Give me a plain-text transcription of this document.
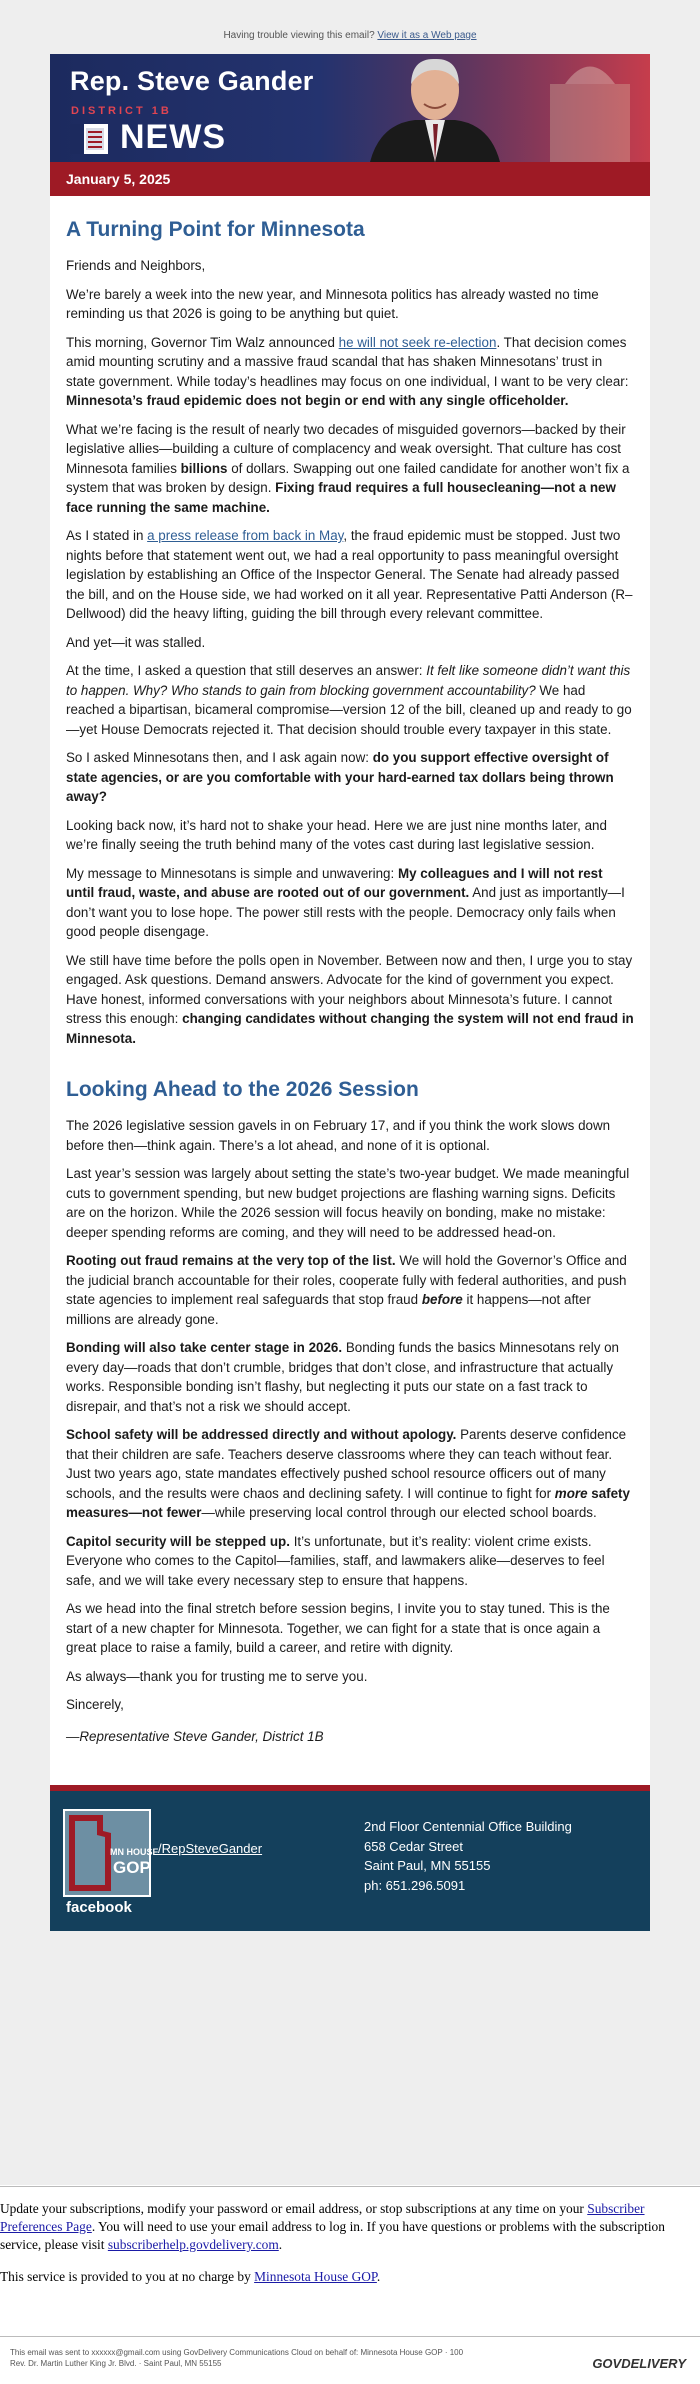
Having trouble viewing this email? View it as a Web page
Rep. Steve Gander
DISTRICT 1B
NEWS
January 5, 2025
A Turning Point for Minnesota

Friends and Neighbors,

We’re barely a week into the new year, and Minnesota politics has already wasted no time reminding us that 2026 is going to be anything but quiet.

This morning, Governor Tim Walz announced he will not seek re-election. That decision comes amid mounting scrutiny and a massive fraud scandal that has shaken Minnesotans’ trust in state government. While today’s headlines may focus on one individual, I want to be very clear: Minnesota’s fraud epidemic does not begin or end with any single officeholder.

What we’re facing is the result of nearly two decades of misguided governors—backed by their legislative allies—building a culture of complacency and weak oversight. That culture has cost Minnesota families billions of dollars. Swapping out one failed candidate for another won’t fix a system that was broken by design. Fixing fraud requires a full housecleaning—not a new face running the same machine.

As I stated in a press release from back in May, the fraud epidemic must be stopped. Just two nights before that statement went out, we had a real opportunity to pass meaningful oversight legislation by establishing an Office of the Inspector General. The Senate had already passed the bill, and on the House side, we had worked on it all year. Representative Patti Anderson (R–Dellwood) did the heavy lifting, guiding the bill through every relevant committee.

And yet—it was stalled.

At the time, I asked a question that still deserves an answer: It felt like someone didn’t want this to happen. Why? Who stands to gain from blocking government accountability? We had reached a bipartisan, bicameral compromise—version 12 of the bill, cleaned up and ready to go—yet House Democrats rejected it. That decision should trouble every taxpayer in this state.

So I asked Minnesotans then, and I ask again now: do you support effective oversight of state agencies, or are you comfortable with your hard-earned tax dollars being thrown away?

Looking back now, it’s hard not to shake your head. Here we are just nine months later, and we’re finally seeing the truth behind many of the votes cast during last legislative session.

My message to Minnesotans is simple and unwavering: My colleagues and I will not rest until fraud, waste, and abuse are rooted out of our government. And just as importantly—I don’t want you to lose hope. The power still rests with the people. Democracy only fails when good people disengage.

We still have time before the polls open in November. Between now and then, I urge you to stay engaged. Ask questions. Demand answers. Advocate for the kind of government you expect. Have honest, informed conversations with your neighbors about Minnesota’s future. I cannot stress this enough: changing candidates without changing the system will not end fraud in Minnesota.

Looking Ahead to the 2026 Session

The 2026 legislative session gavels in on February 17, and if you think the work slows down before then—think again. There’s a lot ahead, and none of it is optional.

Last year’s session was largely about setting the state’s two-year budget. We made meaningful cuts to government spending, but new budget projections are flashing warning signs. Deficits are on the horizon. While the 2026 session will focus heavily on bonding, make no mistake: deeper spending reforms are coming, and they will need to be addressed head-on.

Rooting out fraud remains at the very top of the list. We will hold the Governor’s Office and the judicial branch accountable for their roles, cooperate fully with federal authorities, and push state agencies to implement real safeguards that stop fraud before it happens—not after millions are already gone.

Bonding will also take center stage in 2026. Bonding funds the basics Minnesotans rely on every day—roads that don’t crumble, bridges that don’t close, and infrastructure that actually works. Responsible bonding isn’t flashy, but neglecting it puts our state on a fast track to disrepair, and that’s not a risk we should accept.

School safety will be addressed directly and without apology. Parents deserve confidence that their children are safe. Teachers deserve classrooms where they can teach without fear. Just two years ago, state mandates effectively pushed school resource officers out of many schools, and the results were chaos and declining safety. I will continue to fight for more safety measures—not fewer—while preserving local control through our elected school boards.

Capitol security will be stepped up. It’s unfortunate, but it’s reality: violent crime exists. Everyone who comes to the Capitol—families, staff, and lawmakers alike—deserves to feel safe, and we will take every necessary step to ensure that happens.

As we head into the final stretch before session begins, I invite you to stay tuned. This is the start of a new chapter for Minnesota. Together, we can fight for a state that is once again a great place to raise a family, build a career, and retire with dignity.

As always—thank you for trusting me to serve you.

Sincerely,

—Representative Steve Gander, District 1B

MN HOUSE
GOP
facebook
/RepSteveGander
2nd Floor Centennial Office Building
658 Cedar Street
Saint Paul, MN 55155
ph: 651.296.5091

Update your subscriptions, modify your password or email address, or stop subscriptions at any time on your Subscriber Preferences Page. You will need to use your email address to log in. If you have questions or problems with the subscription service, please visit subscriberhelp.govdelivery.com.

This service is provided to you at no charge by Minnesota House GOP.

This email was sent to xxxxxx@gmail.com using GovDelivery Communications Cloud on behalf of: Minnesota House GOP · 100
Rev. Dr. Martin Luther King Jr. Blvd. · Saint Paul, MN 55155	GOVDELIVERY
